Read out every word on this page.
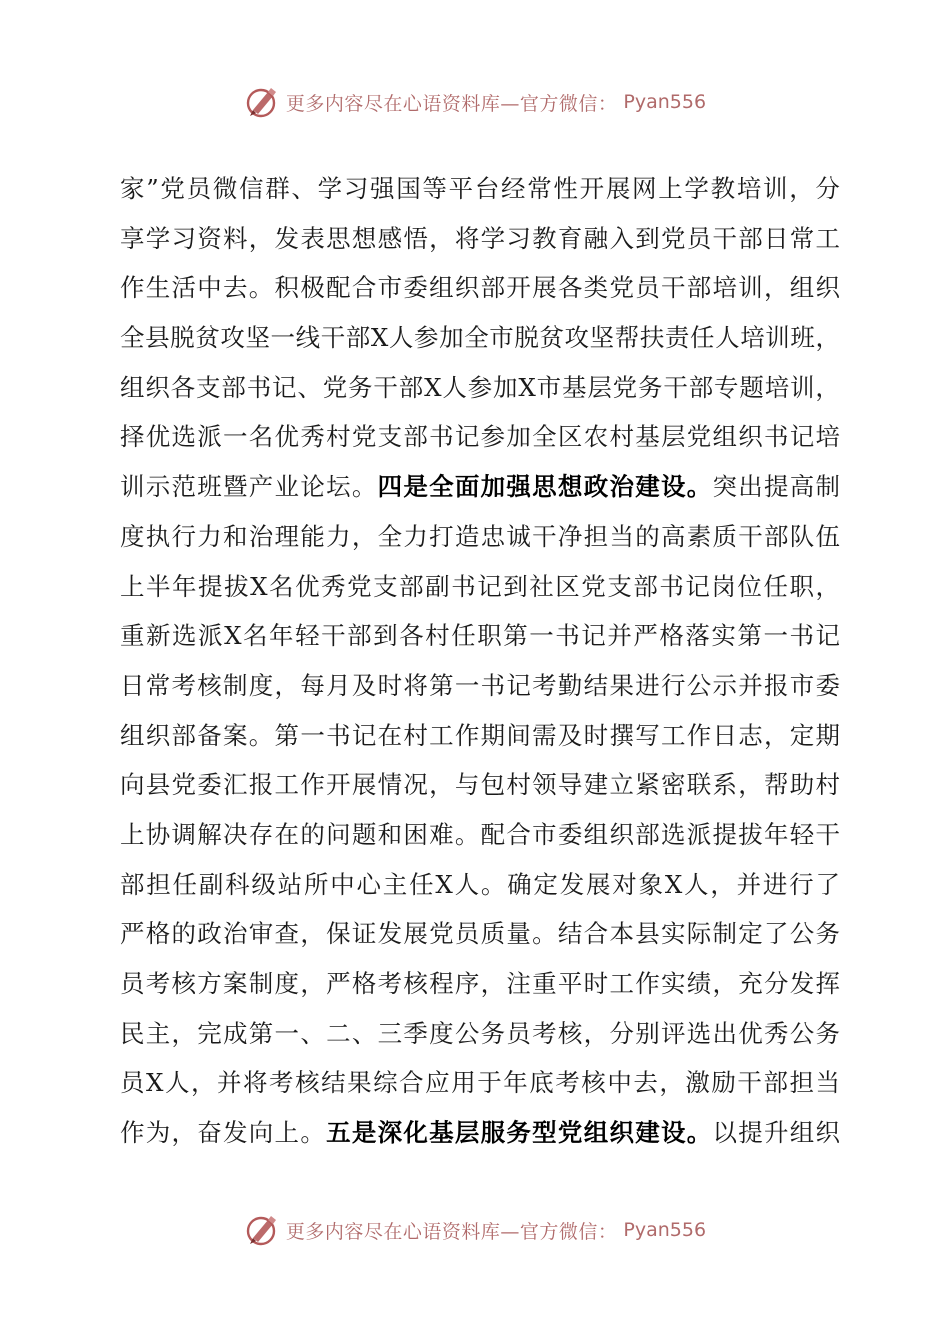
更多内容尽在心语资料库—官方微信： Pyan556
家”党员微信群、学习强国等平台经常性开展网上学教培训，分
享学习资料，发表思想感悟，将学习教育融入到党员干部日常工
作生活中去。积极配合市委组织部开展各类党员干部培训，组织
全县脱贫攻坚一线干部X人参加全市脱贫攻坚帮扶责任人培训班，
组织各支部书记、党务干部X人参加X市基层党务干部专题培训，
择优选派一名优秀村党支部书记参加全区农村基层党组织书记培
训示范班暨产业论坛。四是全面加强思想政治建设。突出提高制
度执行力和治理能力，全力打造忠诚干净担当的高素质干部队伍
上半年提拔X名优秀党支部副书记到社区党支部书记岗位任职，
重新选派X名年轻干部到各村任职第一书记并严格落实第一书记
日常考核制度，每月及时将第一书记考勤结果进行公示并报市委
组织部备案。第一书记在村工作期间需及时撰写工作日志，定期
向县党委汇报工作开展情况，与包村领导建立紧密联系，帮助村
上协调解决存在的问题和困难。配合市委组织部选派提拔年轻干
部担任副科级站所中心主任X人。确定发展对象X人，并进行了
严格的政治审查，保证发展党员质量。结合本县实际制定了公务
员考核方案制度，严格考核程序，注重平时工作实绩，充分发挥
民主，完成第一、二、三季度公务员考核，分别评选出优秀公务
员X人，并将考核结果综合应用于年底考核中去，激励干部担当
作为，奋发向上。五是深化基层服务型党组织建设。以提升组织
更多内容尽在心语资料库—官方微信： Pyan556
